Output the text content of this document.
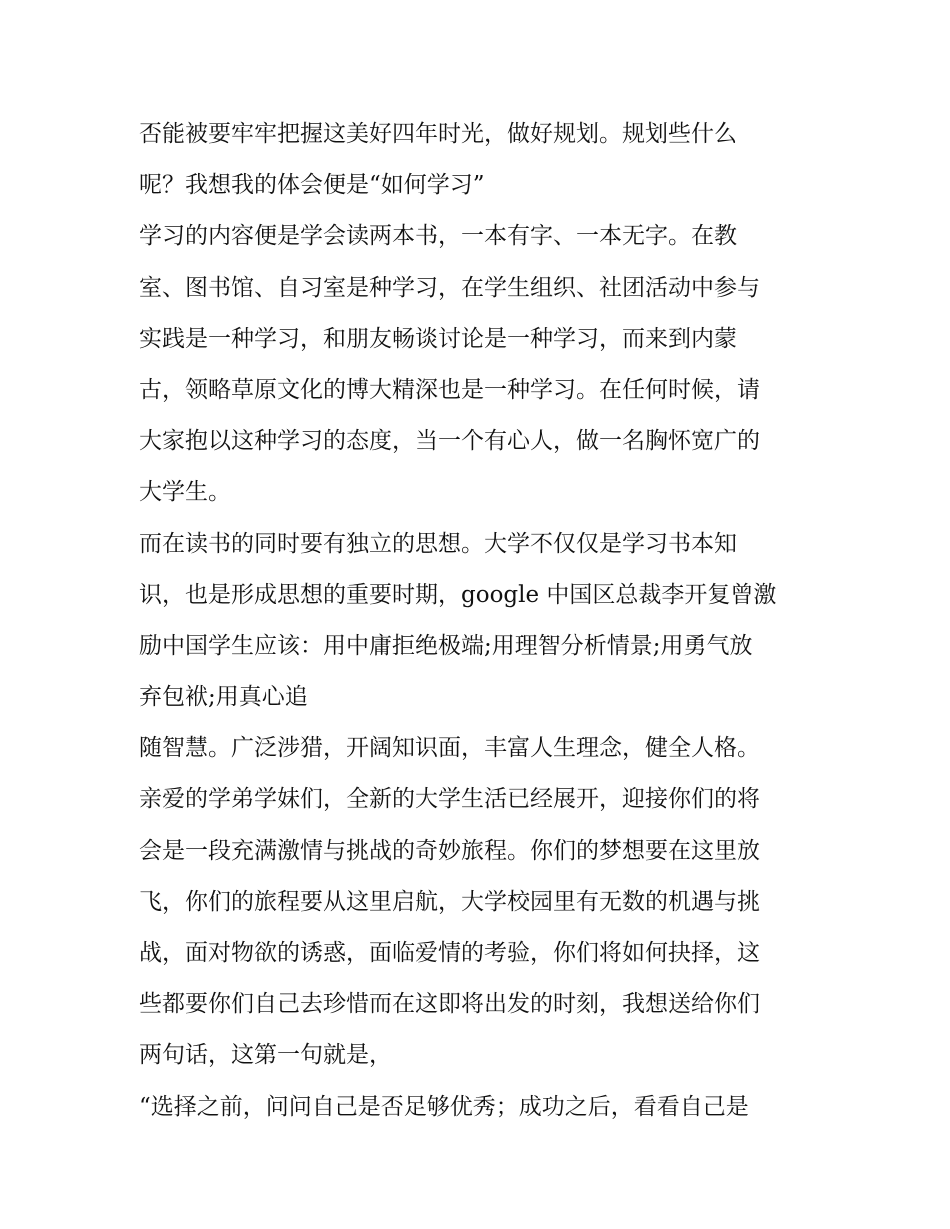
否能被要牢牢把握这美好四年时光，做好规划。规划些什么
呢？我想我的体会便是“如何学习”
学习的内容便是学会读两本书，一本有字、一本无字。在教
室、图书馆、自习室是种学习，在学生组织、社团活动中参与
实践是一种学习，和朋友畅谈讨论是一种学习，而来到内蒙
古，领略草原文化的博大精深也是一种学习。在任何时候，请
大家抱以这种学习的态度，当一个有心人，做一名胸怀宽广的
大学生。
而在读书的同时要有独立的思想。大学不仅仅是学习书本知
识，也是形成思想的重要时期，google 中国区总裁李开复曾激
励中国学生应该：用中庸拒绝极端;用理智分析情景;用勇气放
弃包袱;用真心追
随智慧。广泛涉猎，开阔知识面，丰富人生理念，健全人格。
亲爱的学弟学妹们，全新的大学生活已经展开，迎接你们的将
会是一段充满激情与挑战的奇妙旅程。你们的梦想要在这里放
飞，你们的旅程要从这里启航，大学校园里有无数的机遇与挑
战，面对物欲的诱惑，面临爱情的考验，你们将如何抉择，这
些都要你们自己去珍惜而在这即将出发的时刻，我想送给你们
两句话，这第一句就是，
“选择之前，问问自己是否足够优秀；成功之后，看看自己是
